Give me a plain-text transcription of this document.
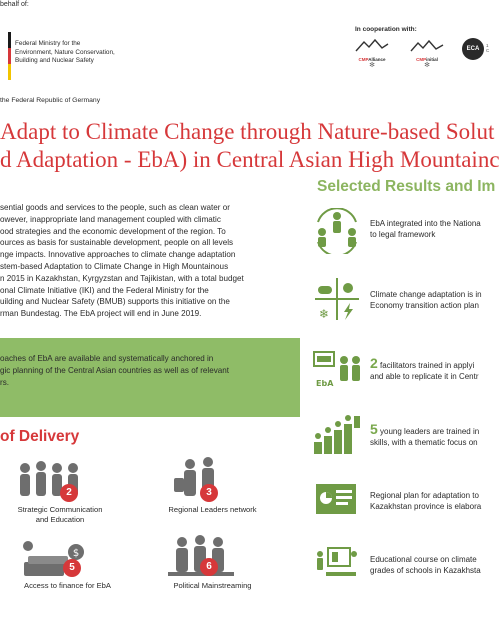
behalf of:
Federal Ministry for the
Environment, Nature Conservation,
Building and Nuclear Safety
the Federal Republic of Germany
In cooperation with:
CMPAlliance
✻
CMPinitial
✻
ECA
1
C
Adapt to Climate Change through Nature-based Solut
d Adaptation - EbA) in Central Asian High Mountainc
sential goods and services to the people, such as clean water or
owever, inappropriate land management coupled with climatic
ood strategies and the economic development of the region. To
ources as basis for sustainable development, people on all levels
nge impacts. Innovative approaches to climate change adaptation
stem-based Adaptation to Climate Change in High Mountainous
n 2015 in Kazakhstan, Kyrgyzstan and Tajikistan, with a total budget
onal Climate Initiative (IKI) and the Federal Ministry for the
uilding and Nuclear Safety (BMUB) supports this initiative on the
rman Bundestag. The EbA project will end in June 2019.
oaches of EbA are available and systematically anchored in
gic planning of the Central Asian countries as well as of relevant
rs.
of Delivery
2
Strategic Communication
and Education
3
Regional Leaders network
$
5
Access to finance for EbA
6
Political Mainstreaming
Selected Results and Im
EbA integrated into the Nationa
to legal framework
❄
Climate change adaptation is in
Economy transition action plan
EbA
2 facilitators trained in applyi
and able to replicate it in Centr
5 young leaders are trained in
skills, with a thematic focus on
Regional plan for adaptation to
Kazakhstan province is elabora
Educational course on climate
grades of schools in Kazakhsta
